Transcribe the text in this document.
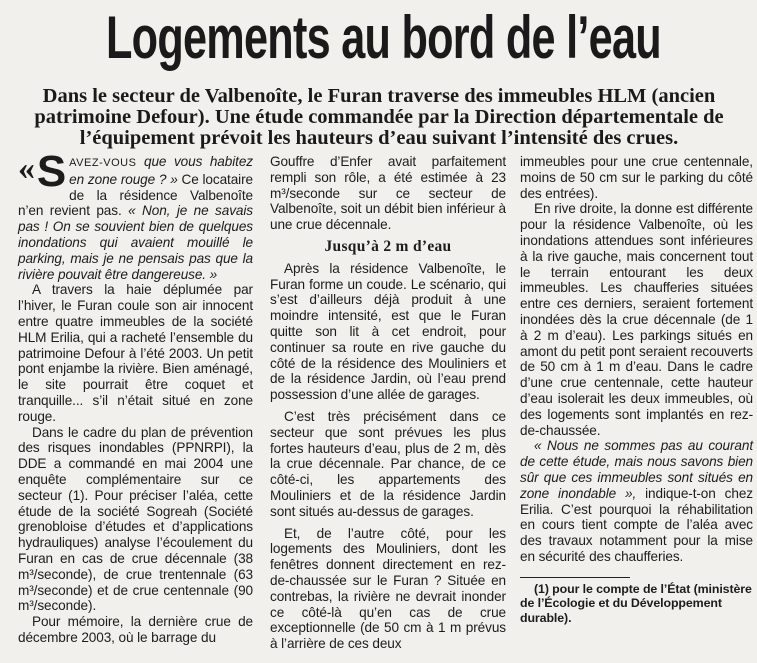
Logements au bord de l’eau
Dans le secteur de Valbenoîte, le Furan traverse des immeubles HLM (ancien patrimoine Defour). Une étude commandée par la Direction départementale de l’équipement prévoit les hauteurs d’eau suivant l’intensité des crues.

« S AVEZ-VOUS que vous habitez en zone rouge ? » Ce locataire de la résidence Valbenoîte n’en revient pas. « Non, je ne savais pas ! On se souvient bien de quelques inondations qui avaient mouillé le parking, mais je ne pensais pas que la rivière pouvait être dangereuse. »

A travers la haie déplumée par l’hiver, le Furan coule son air innocent entre quatre immeubles de la société HLM Erilia, qui a racheté l’ensemble du patrimoine Defour à l’été 2003. Un petit pont enjambe la rivière. Bien aménagé, le site pourrait être coquet et tranquille... s’il n’était situé en zone rouge.

Dans le cadre du plan de prévention des risques inondables (PPNRPI), la DDE a commandé en mai 2004 une enquête complémentaire sur ce secteur (1). Pour préciser l’aléa, cette étude de la société Sogreah (Société grenobloise d’études et d’applications hydrauliques) analyse l’écoulement du Furan en cas de crue décennale (38 m³/seconde), de crue trentennale (63 m³/seconde) et de crue centennale (90 m³/seconde).

Pour mémoire, la dernière crue de décembre 2003, où le barrage du

Gouffre d’Enfer avait parfaitement rempli son rôle, a été estimée à 23 m³/seconde sur ce secteur de Valbenoîte, soit un débit bien inférieur à une crue décennale.

Jusqu’à 2 m d’eau

Après la résidence Valbenoîte, le Furan forme un coude. Le scénario, qui s’est d’ailleurs déjà produit à une moindre intensité, est que le Furan quitte son lit à cet endroit, pour continuer sa route en rive gauche du côté de la résidence des Mouliniers et de la résidence Jardin, où l’eau prend possession d’une allée de garages.

C’est très précisément dans ce secteur que sont prévues les plus fortes hauteurs d’eau, plus de 2 m, dès la crue décennale. Par chance, de ce côté-ci, les appartements des Mouliniers et de la résidence Jardin sont situés au-dessus de garages.

Et, de l’autre côté, pour les logements des Mouliniers, dont les fenêtres donnent directement en rez-de-chaussée sur le Furan ? Située en contrebas, la rivière ne devrait inonder ce côté-là qu’en cas de crue exceptionnelle (de 50 cm à 1 m prévus à l’arrière de ces deux

immeubles pour une crue centennale, moins de 50 cm sur le parking du côté des entrées).

En rive droite, la donne est différente pour la résidence Valbenoîte, où les inondations attendues sont inférieures à la rive gauche, mais concernent tout le terrain entourant les deux immeubles. Les chaufferies situées entre ces derniers, seraient fortement inondées dès la crue décennale (de 1 à 2 m d’eau). Les parkings situés en amont du petit pont seraient recouverts de 50 cm à 1 m d’eau. Dans le cadre d’une crue centennale, cette hauteur d’eau isolerait les deux immeubles, où des logements sont implantés en rez-de-chaussée.

« Nous ne sommes pas au courant de cette étude, mais nous savons bien sûr que ces immeubles sont situés en zone inondable », indique-t-on chez Erilia. C’est pourquoi la réhabilitation en cours tient compte de l’aléa avec des travaux notamment pour la mise en sécurité des chaufferies.

(1) pour le compte de l’État (ministère de l’Écologie et du Développement durable).
